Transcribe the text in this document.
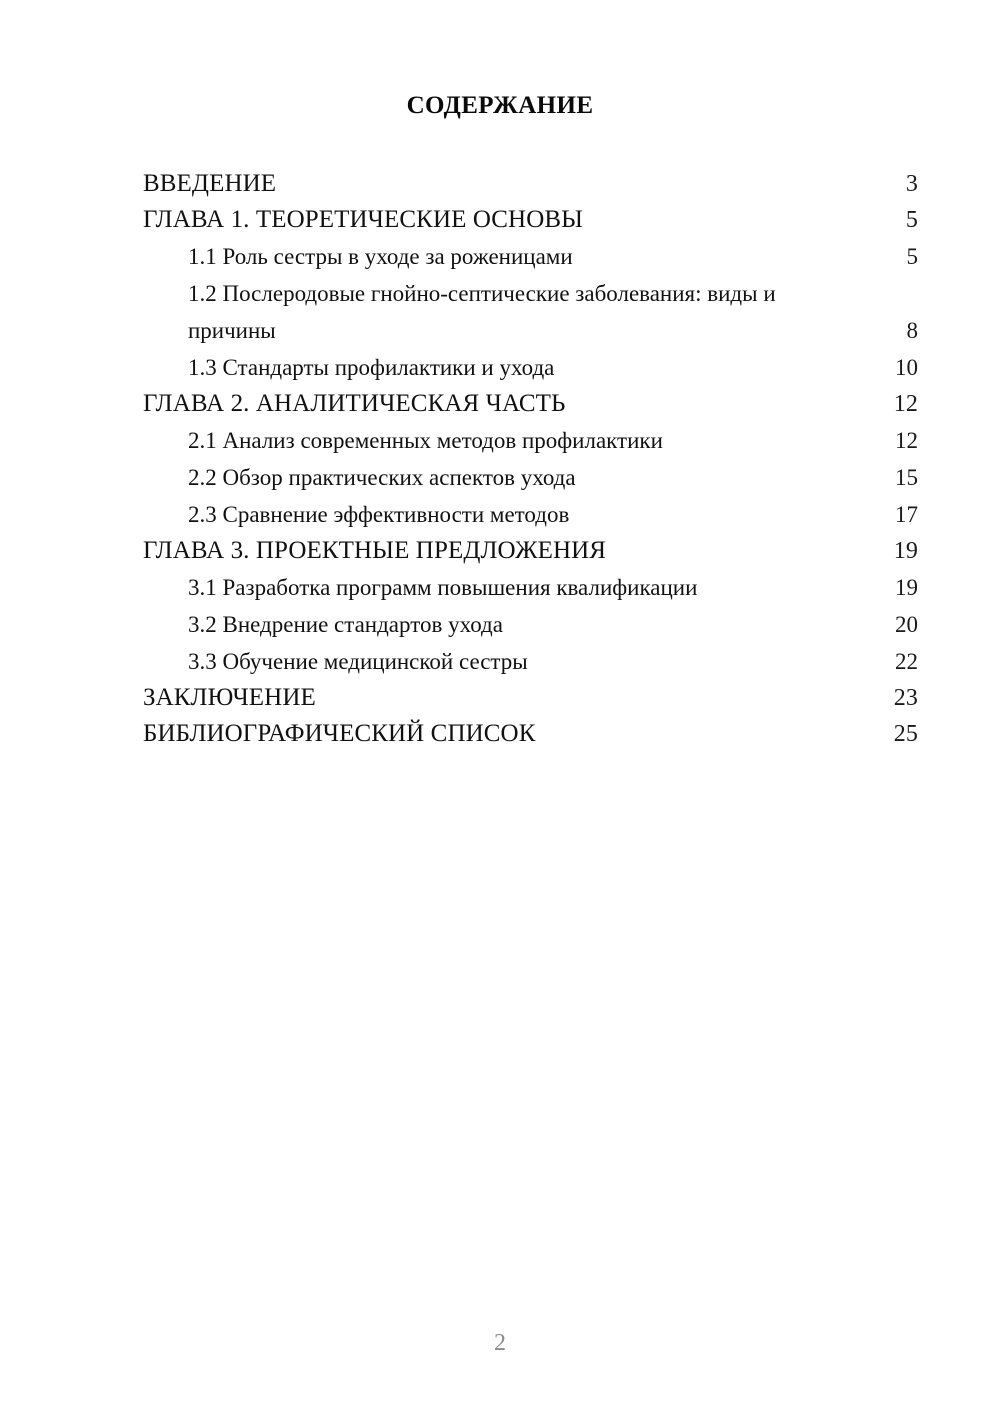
СОДЕРЖАНИЕ
ВВЕДЕНИЕ	3
ГЛАВА 1. ТЕОРЕТИЧЕСКИЕ ОСНОВЫ	5
1.1 Роль сестры в уходе за роженицами	5
1.2 Послеродовые гнойно-септические заболевания: виды и причины	8
1.3 Стандарты профилактики и ухода	10
ГЛАВА 2. АНАЛИТИЧЕСКАЯ ЧАСТЬ	12
2.1 Анализ современных методов профилактики	12
2.2 Обзор практических аспектов ухода	15
2.3 Сравнение эффективности методов	17
ГЛАВА 3. ПРОЕКТНЫЕ ПРЕДЛОЖЕНИЯ	19
3.1 Разработка программ повышения квалификации	19
3.2 Внедрение стандартов ухода	20
3.3 Обучение медицинской сестры	22
ЗАКЛЮЧЕНИЕ	23
БИБЛИОГРАФИЧЕСКИЙ СПИСОК	25
2
